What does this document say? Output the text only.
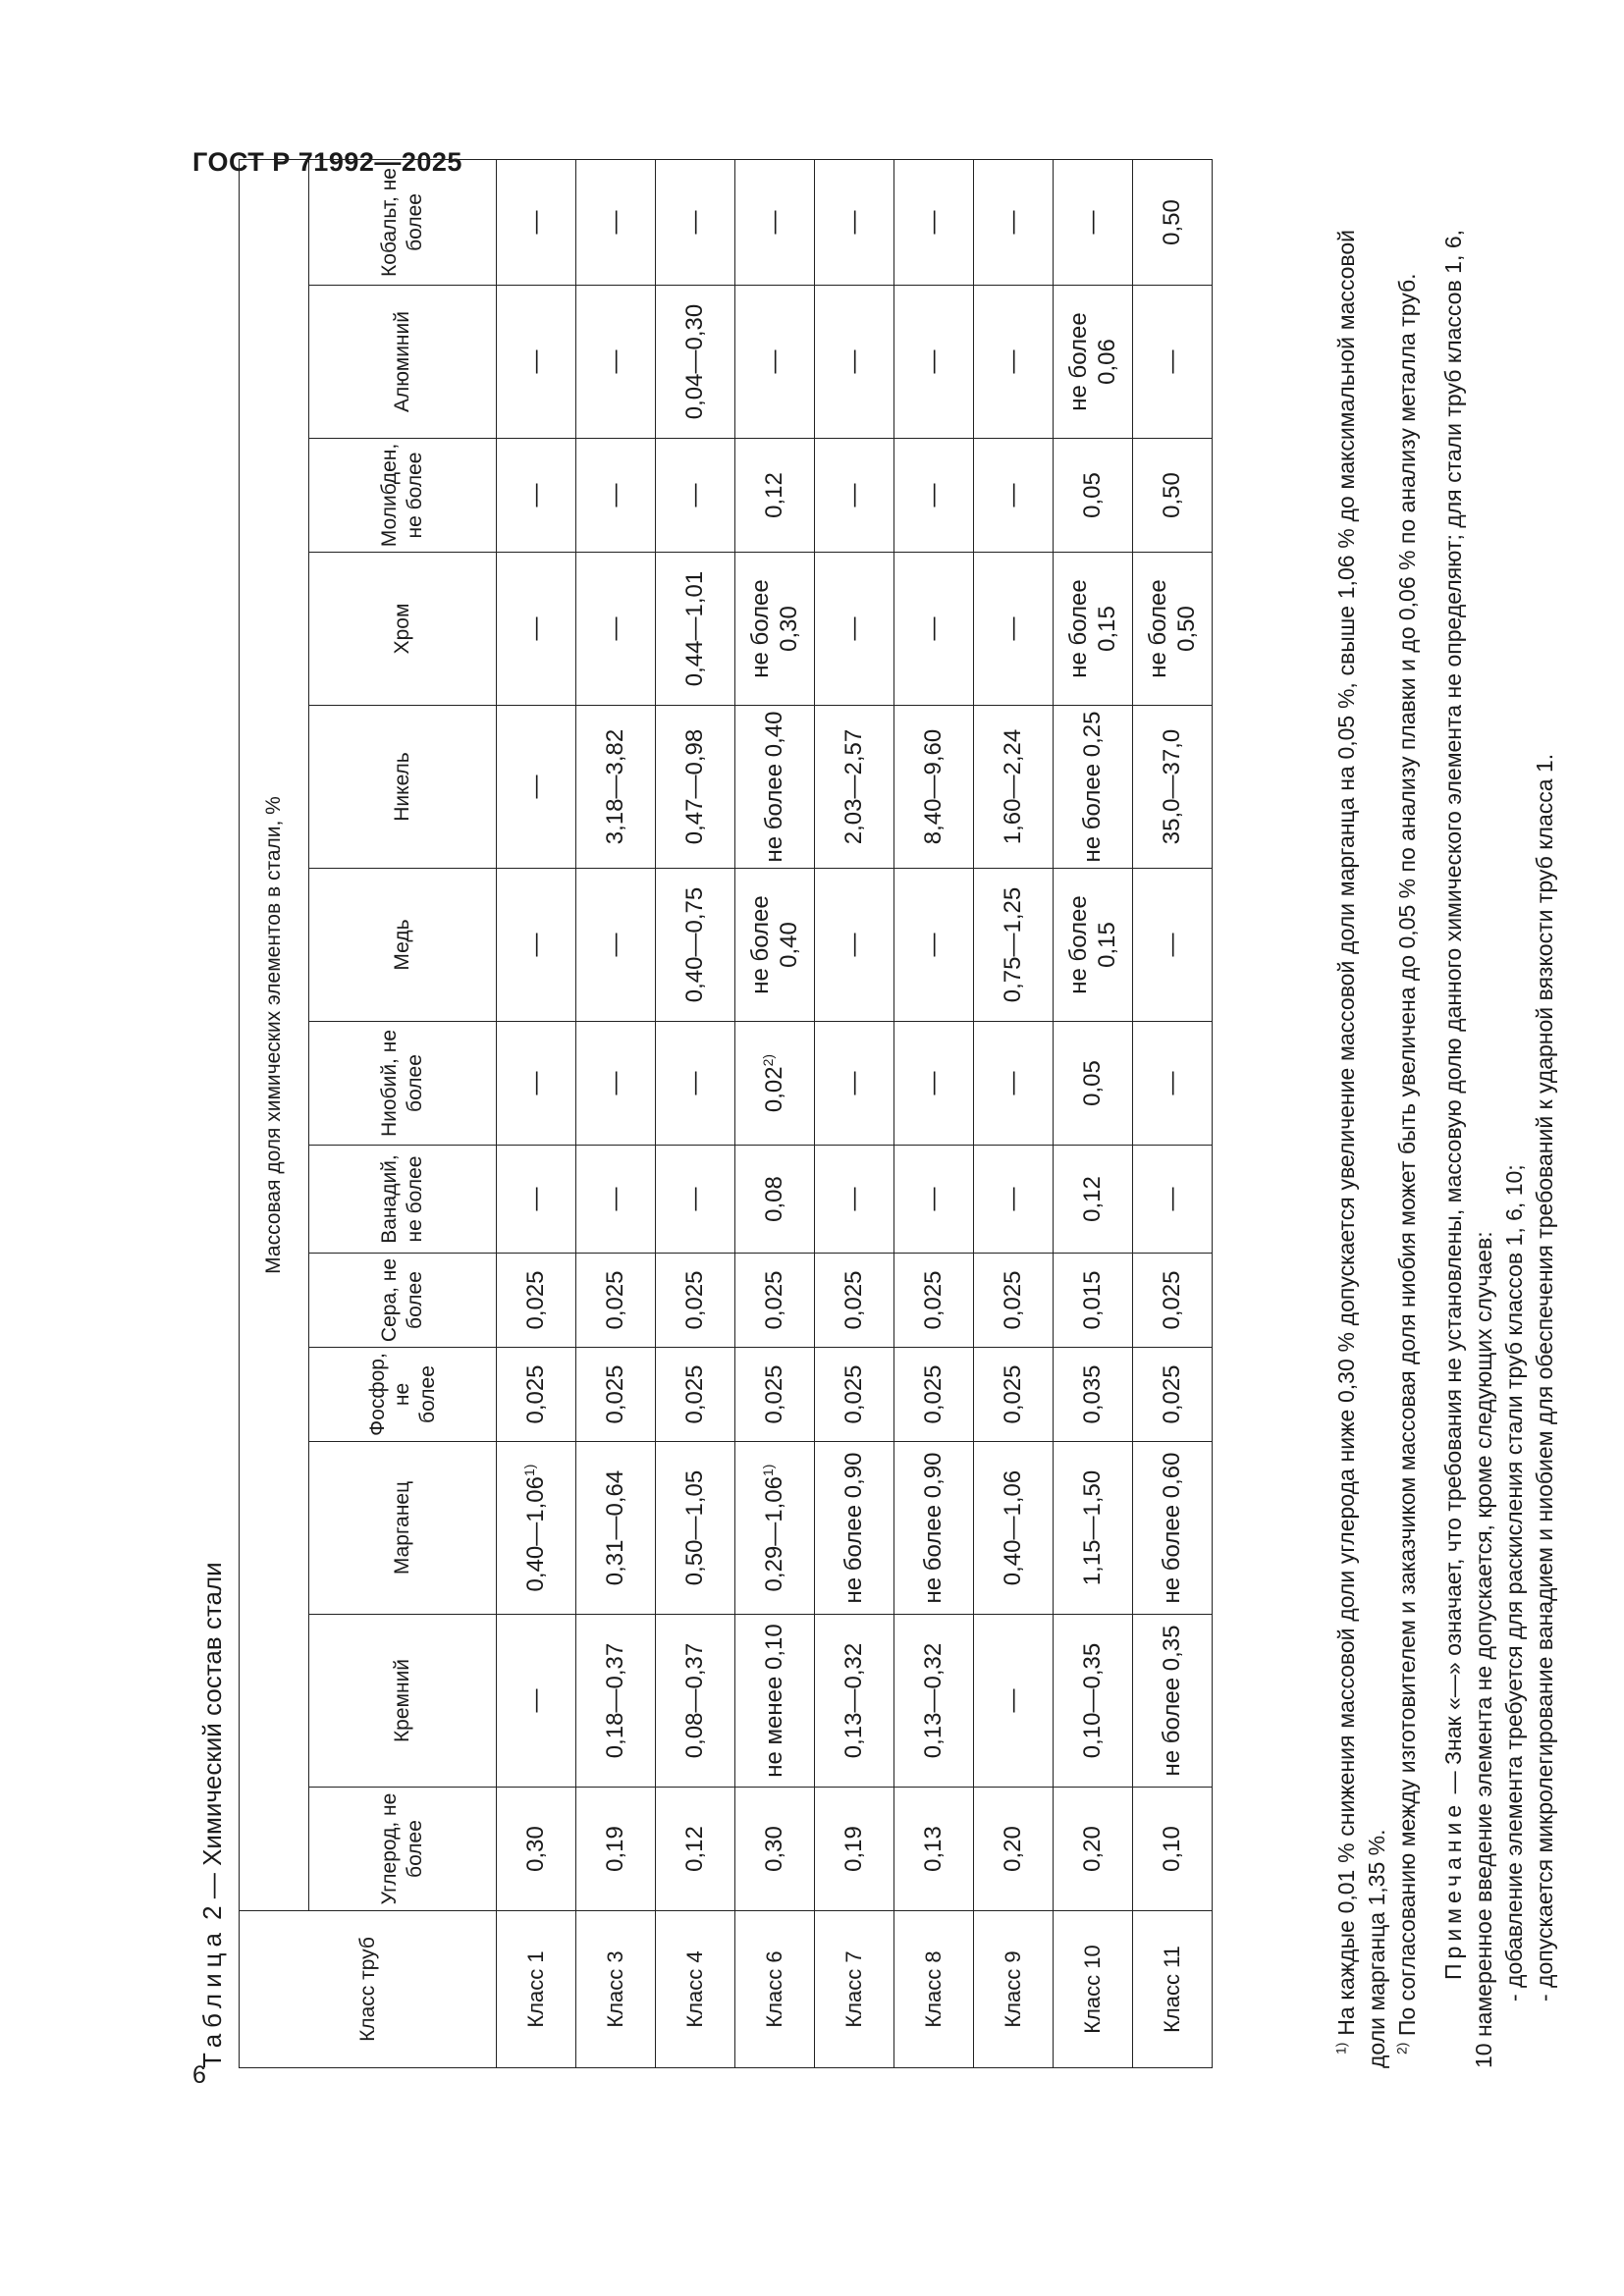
ГОСТ Р 71992—2025
6
Таблица 2 — Химический состав стали
Класс труб	Массовая доля химических элементов в стали, %												
	Углерод, не более	Кремний	Марганец	Фосфор, не более	Сера, не более	Ванадий, не более	Ниобий, не более	Медь	Никель	Хром	Молибден, не более	Алюминий	Кобальт, не более
Класс 1	0,30	—	0,40—1,06$^{1)}$	0,025	0,025	—	—	—	—	—	—	—	—
Класс 3	0,19	0,18—0,37	0,31—0,64	0,025	0,025	—	—	—	3,18—3,82	—	—	—	—
Класс 4	0,12	0,08—0,37	0,50—1,05	0,025	0,025	—	—	0,40—0,75	0,47—0,98	0,44—1,01	—	0,04—0,30	—
Класс 6	0,30	не менее 0,10	0,29—1,06$^{1)}$	0,025	0,025	0,08	0,02$^{2)}$	не более 0,40	не более 0,40	не более 0,30	0,12	—	—
Класс 7	0,19	0,13—0,32	не более 0,90	0,025	0,025	—	—	—	2,03—2,57	—	—	—	—
Класс 8	0,13	0,13—0,32	не более 0,90	0,025	0,025	—	—	—	8,40—9,60	—	—	—	—
Класс 9	0,20	—	0,40—1,06	0,025	0,025	—	—	0,75—1,25	1,60—2,24	—	—	—	—
Класс 10	0,20	0,10—0,35	1,15—1,50	0,035	0,015	0,12	0,05	не более 0,15	не более 0,25	не более 0,15	0,05	не более 0,06	—
Класс 11	0,10	не более 0,35	не более 0,60	0,025	0,025	—	—	—	35,0—37,0	не более 0,50	0,50	—	0,50

$^{1)}$ На каждые 0,01 % снижения массовой доли углерода ниже 0,30 % допускается увеличение массовой доли марганца на 0,05 %, свыше 1,06 % до максимальной массовой доли марганца 1,35 %. $^{2)}$ По согласованию между изготовителем и заказчиком массовая доля ниобия может быть увеличена до 0,05 % по анализу плавки и до 0,06 % по анализу металла труб. Примечание — Знак «—» означает, что требования не установлены, массовую долю данного химического элемента не определяют; для стали труб классов 1, 6, 10 намеренное введение элемента не допускается, кроме следующих случаев: - добавление элемента требуется для раскисления стали труб классов 1, 6, 10; - допускается микролегирование ванадием и ниобием для обеспечения требований к ударной вязкости труб класса 1.
